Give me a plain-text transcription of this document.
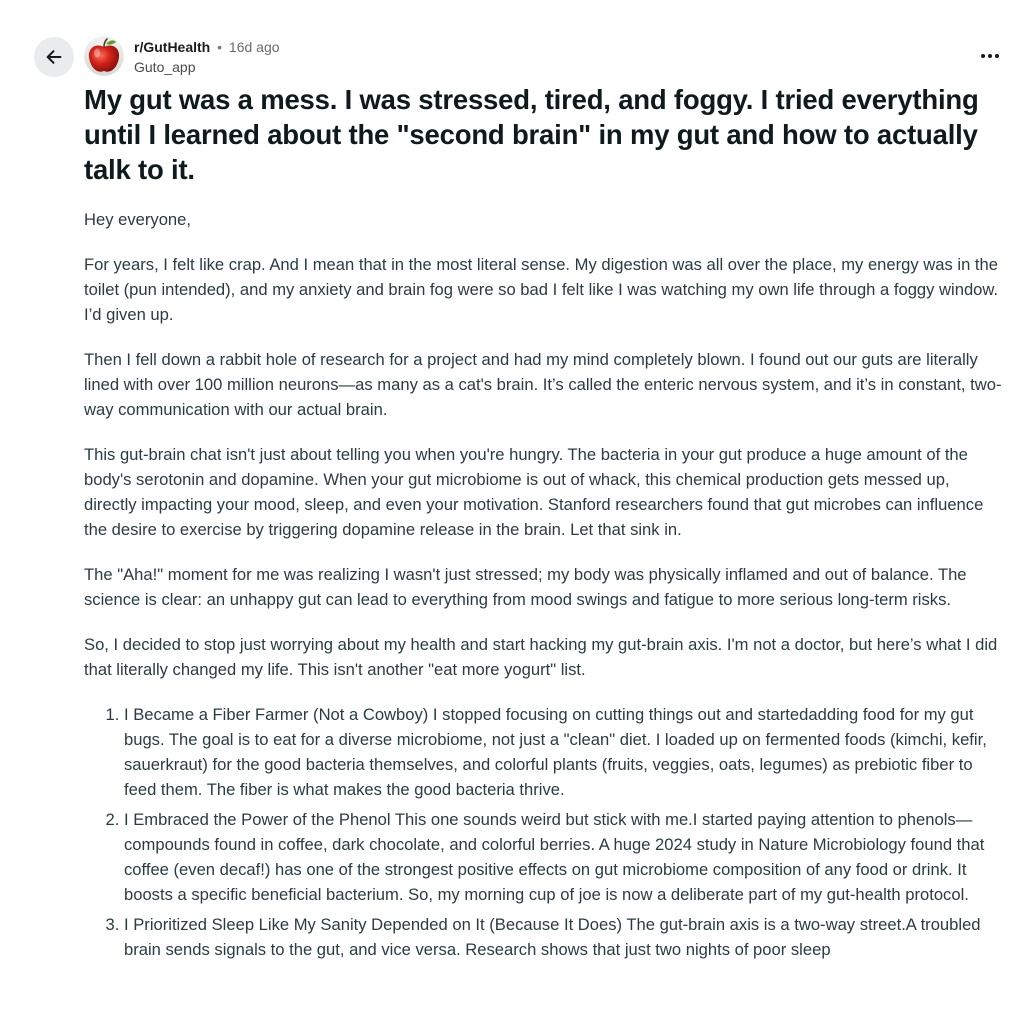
r/GutHealth • 16d ago
Guto_app
My gut was a mess. I was stressed, tired, and foggy. I tried everything until I learned about the "second brain" in my gut and how to actually talk to it.

Hey everyone,

For years, I felt like crap. And I mean that in the most literal sense. My digestion was all over the place, my energy was in the toilet (pun intended), and my anxiety and brain fog were so bad I felt like I was watching my own life through a foggy window. I’d given up.

Then I fell down a rabbit hole of research for a project and had my mind completely blown. I found out our guts are literally lined with over 100 million neurons—as many as a cat's brain. It’s called the enteric nervous system, and it’s in constant, two-way communication with our actual brain.

This gut-brain chat isn't just about telling you when you're hungry. The bacteria in your gut produce a huge amount of the body's serotonin and dopamine. When your gut microbiome is out of whack, this chemical production gets messed up, directly impacting your mood, sleep, and even your motivation. Stanford researchers found that gut microbes can influence the desire to exercise by triggering dopamine release in the brain. Let that sink in.

The "Aha!" moment for me was realizing I wasn't just stressed; my body was physically inflamed and out of balance. The science is clear: an unhappy gut can lead to everything from mood swings and fatigue to more serious long-term risks.

So, I decided to stop just worrying about my health and start hacking my gut-brain axis. I'm not a doctor, but here’s what I did that literally changed my life. This isn't another "eat more yogurt" list.

1. I Became a Fiber Farmer (Not a Cowboy) I stopped focusing on cutting things out and startedadding food for my gut bugs. The goal is to eat for a diverse microbiome, not just a "clean" diet. I loaded up on fermented foods (kimchi, kefir, sauerkraut) for the good bacteria themselves, and colorful plants (fruits, veggies, oats, legumes) as prebiotic fiber to feed them. The fiber is what makes the good bacteria thrive.
2. I Embraced the Power of the Phenol This one sounds weird but stick with me.I started paying attention to phenols—compounds found in coffee, dark chocolate, and colorful berries. A huge 2024 study in Nature Microbiology found that coffee (even decaf!) has one of the strongest positive effects on gut microbiome composition of any food or drink. It boosts a specific beneficial bacterium. So, my morning cup of joe is now a deliberate part of my gut-health protocol.
3. I Prioritized Sleep Like My Sanity Depended on It (Because It Does) The gut-brain axis is a two-way street.A troubled brain sends signals to the gut, and vice versa. Research shows that just two nights of poor sleep
